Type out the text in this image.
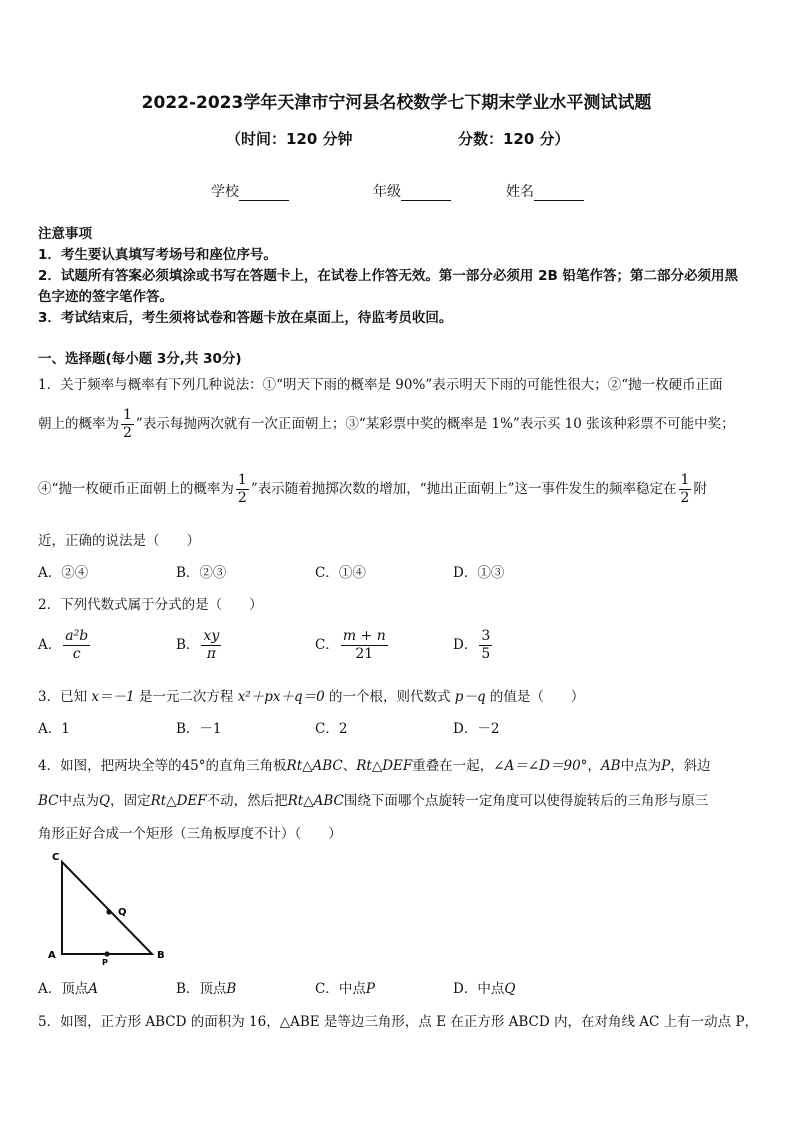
2022-2023学年天津市宁河县名校数学七下期末学业水平测试试题
（时间：120 分钟	分数：120 分）
学校	年级	姓名
注意事项
1．考生要认真填写考场号和座位序号。
2．试题所有答案必须填涂或书写在答题卡上，在试卷上作答无效。第一部分必须用 2B 铅笔作答；第二部分必须用黑
色字迹的签字笔作答。
3．考试结束后，考生须将试卷和答题卡放在桌面上，待监考员收回。
一、选择题(每小题 3分,共 30分)
1．关于频率与概率有下列几种说法：①“明天下雨的概率是 90%”表示明天下雨的可能性很大；②“抛一枚硬币正面
朝上的概率为 $\frac{1}{2}$ ”表示每抛两次就有一次正面朝上；③“某彩票中奖的概率是 1%”表示买 10 张该种彩票不可能中奖；
④“抛一枚硬币正面朝上的概率为 $\frac{1}{2}$ ”表示随着抛掷次数的增加，“抛出正面朝上”这一事件发生的频率稳定在 $\frac{1}{2}$ 附
近，正确的说法是（　　）
A．②④	B．②③	C．①④	D．①③
2．下列代数式属于分式的是（　　）
A． $\frac{\text{a²b}}{c}$	B． $\frac{xy}{\pi}$	C． $\frac{m + n}{21}$	D． $\frac{3}{5}$
3．已知 x＝－1 是一元二次方程 x²＋px＋q＝0 的一个根，则代数式 p－q 的值是（　　）
A．1	B．－1	C．2	D．－2
4．如图，把两块全等的45°的直角三角板Rt△ABC、Rt△DEF重叠在一起，∠A＝∠D＝90°，AB中点为P，斜边
BC中点为Q，固定Rt△DEF不动，然后把Rt△ABC围绕下面哪个点旋转一定角度可以使得旋转后的三角形与原三
角形正好合成一个矩形（三角板厚度不计）（　　）
C
Q
A
P
B
A．顶点A	B．顶点B	C．中点P	D．中点Q
5．如图，正方形 ABCD 的面积为 16，△ABE 是等边三角形，点 E 在正方形 ABCD 内，在对角线 AC 上有一动点 P，
